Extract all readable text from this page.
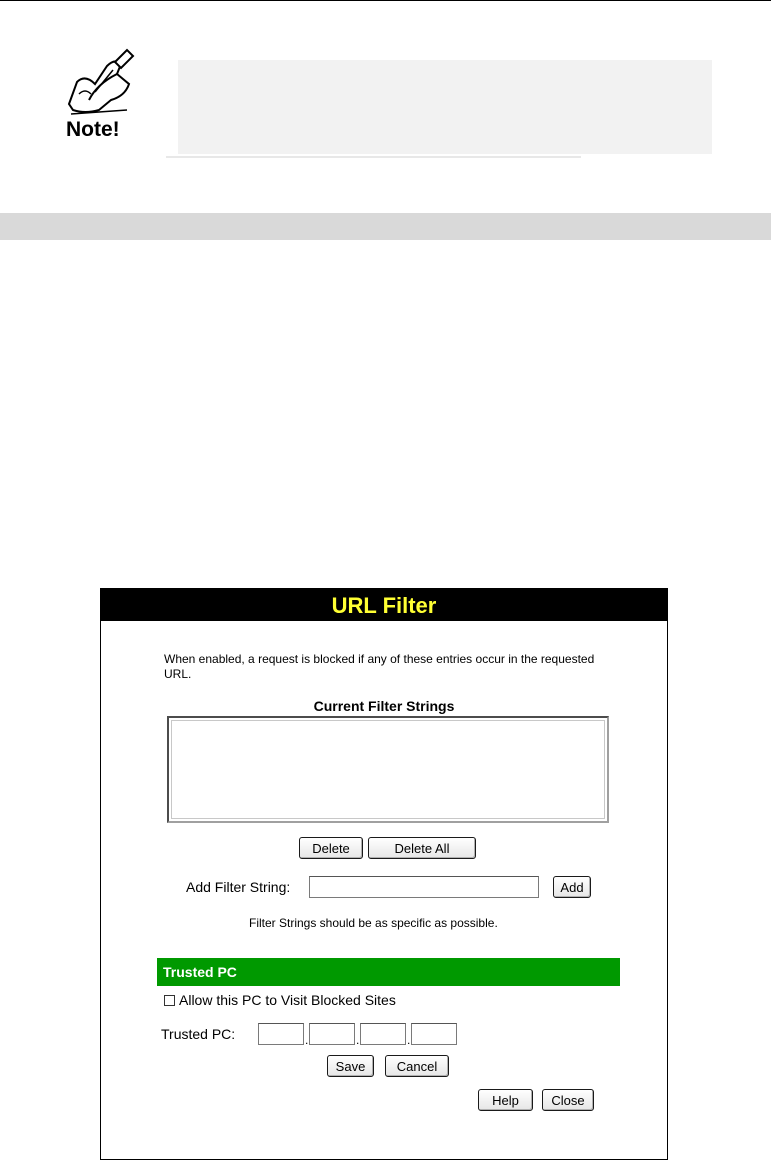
Note!
URL Filter
When enabled, a request is blocked if any of these entries occur in the requested URL.
Current Filter Strings
Delete	Delete All
Add Filter String:	Add
Filter Strings should be as specific as possible.
Trusted PC
Allow this PC to Visit Blocked Sites
Trusted PC:	.	.	.
Save	Cancel
Help	Close
